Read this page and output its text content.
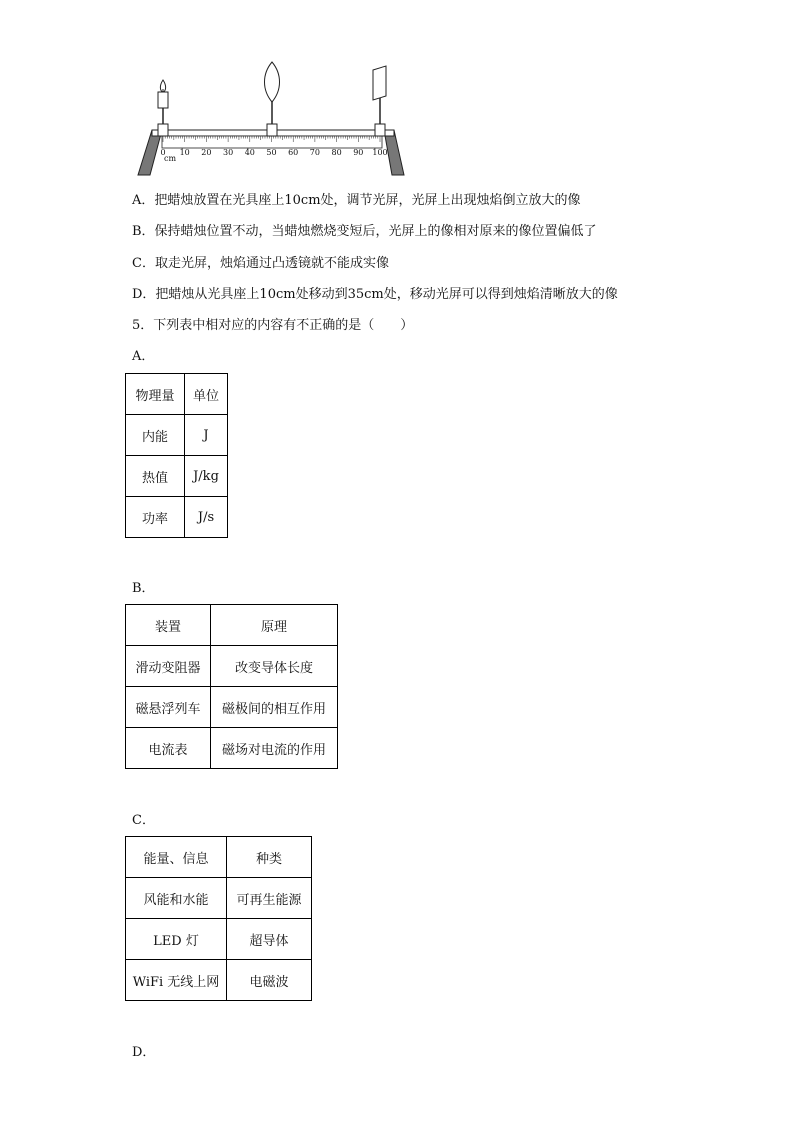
0 10 20 30 40 50 60 70 80 90 100
cm
A．把蜡烛放置在光具座上10cm处，调节光屏，光屏上出现烛焰倒立放大的像
B．保持蜡烛位置不动，当蜡烛燃烧变短后，光屏上的像相对原来的像位置偏低了
C．取走光屏，烛焰通过凸透镜就不能成实像
D．把蜡烛从光具座上10cm处移动到35cm处，移动光屏可以得到烛焰清晰放大的像
5．下列表中相对应的内容有不正确的是（　　）
A．
物理量	单位
内能	J
热值	J/kg
功率	J/s
B．
装置	原理
滑动变阻器	改变导体长度
磁悬浮列车	磁极间的相互作用
电流表	磁场对电流的作用
C．
能量、信息	种类
风能和水能	可再生能源
LED 灯	超导体
WiFi 无线上网	电磁波
D．
